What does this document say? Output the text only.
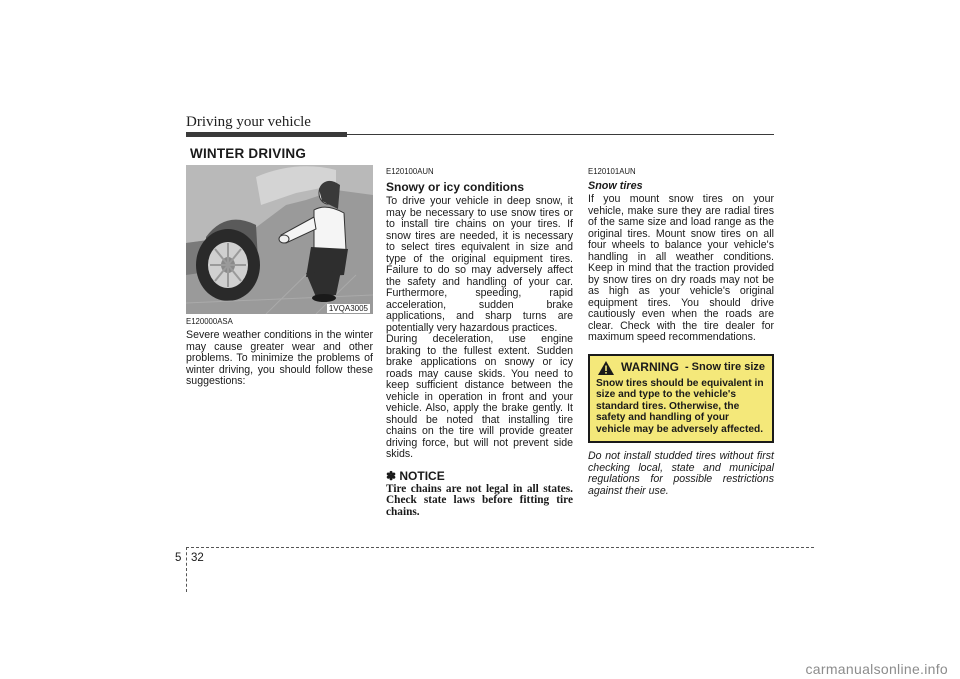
Driving your vehicle
WINTER DRIVING
1VQA3005
E120000ASA
Severe weather conditions in the winter may cause greater wear and other problems. To minimize the problems of winter driving, you should follow these suggestions:
E120100AUN
Snowy or icy conditions
To drive your vehicle in deep snow, it may be necessary to use snow tires or to install tire chains on your tires. If snow tires are needed, it is necessary to select tires equivalent in size and type of the original equipment tires. Failure to do so may adversely affect the safety and handling of your car. Furthermore, speeding, rapid acceleration, sudden brake applications, and sharp turns are potentially very hazardous practices.
During deceleration, use engine braking to the fullest extent. Sudden brake applications on snowy or icy roads may cause skids. You need to keep sufficient distance between the vehicle in operation in front and your vehicle. Also, apply the brake gently. It should be noted that installing tire chains on the tire will provide greater driving force, but will not prevent side skids.
✽ NOTICE
Tire chains are not legal in all states. Check state laws before fitting tire chains.
E120101AUN
Snow tires
If you mount snow tires on your vehicle, make sure they are radial tires of the same size and load range as the original tires. Mount snow tires on all four wheels to balance your vehicle's handling in all weather conditions. Keep in mind that the traction provided by snow tires on dry roads may not be as high as your vehicle's original equipment tires. You should drive cautiously even when the roads are clear. Check with the tire dealer for maximum speed recommendations.
WARNING - Snow tire size
Snow tires should be equivalent in size and type to the vehicle's standard tires. Otherwise, the safety and handling of your vehicle may be adversely affected.
Do not install studded tires without first checking local, state and municipal regulations for possible restrictions against their use.
5 32
carmanualsonline.info
